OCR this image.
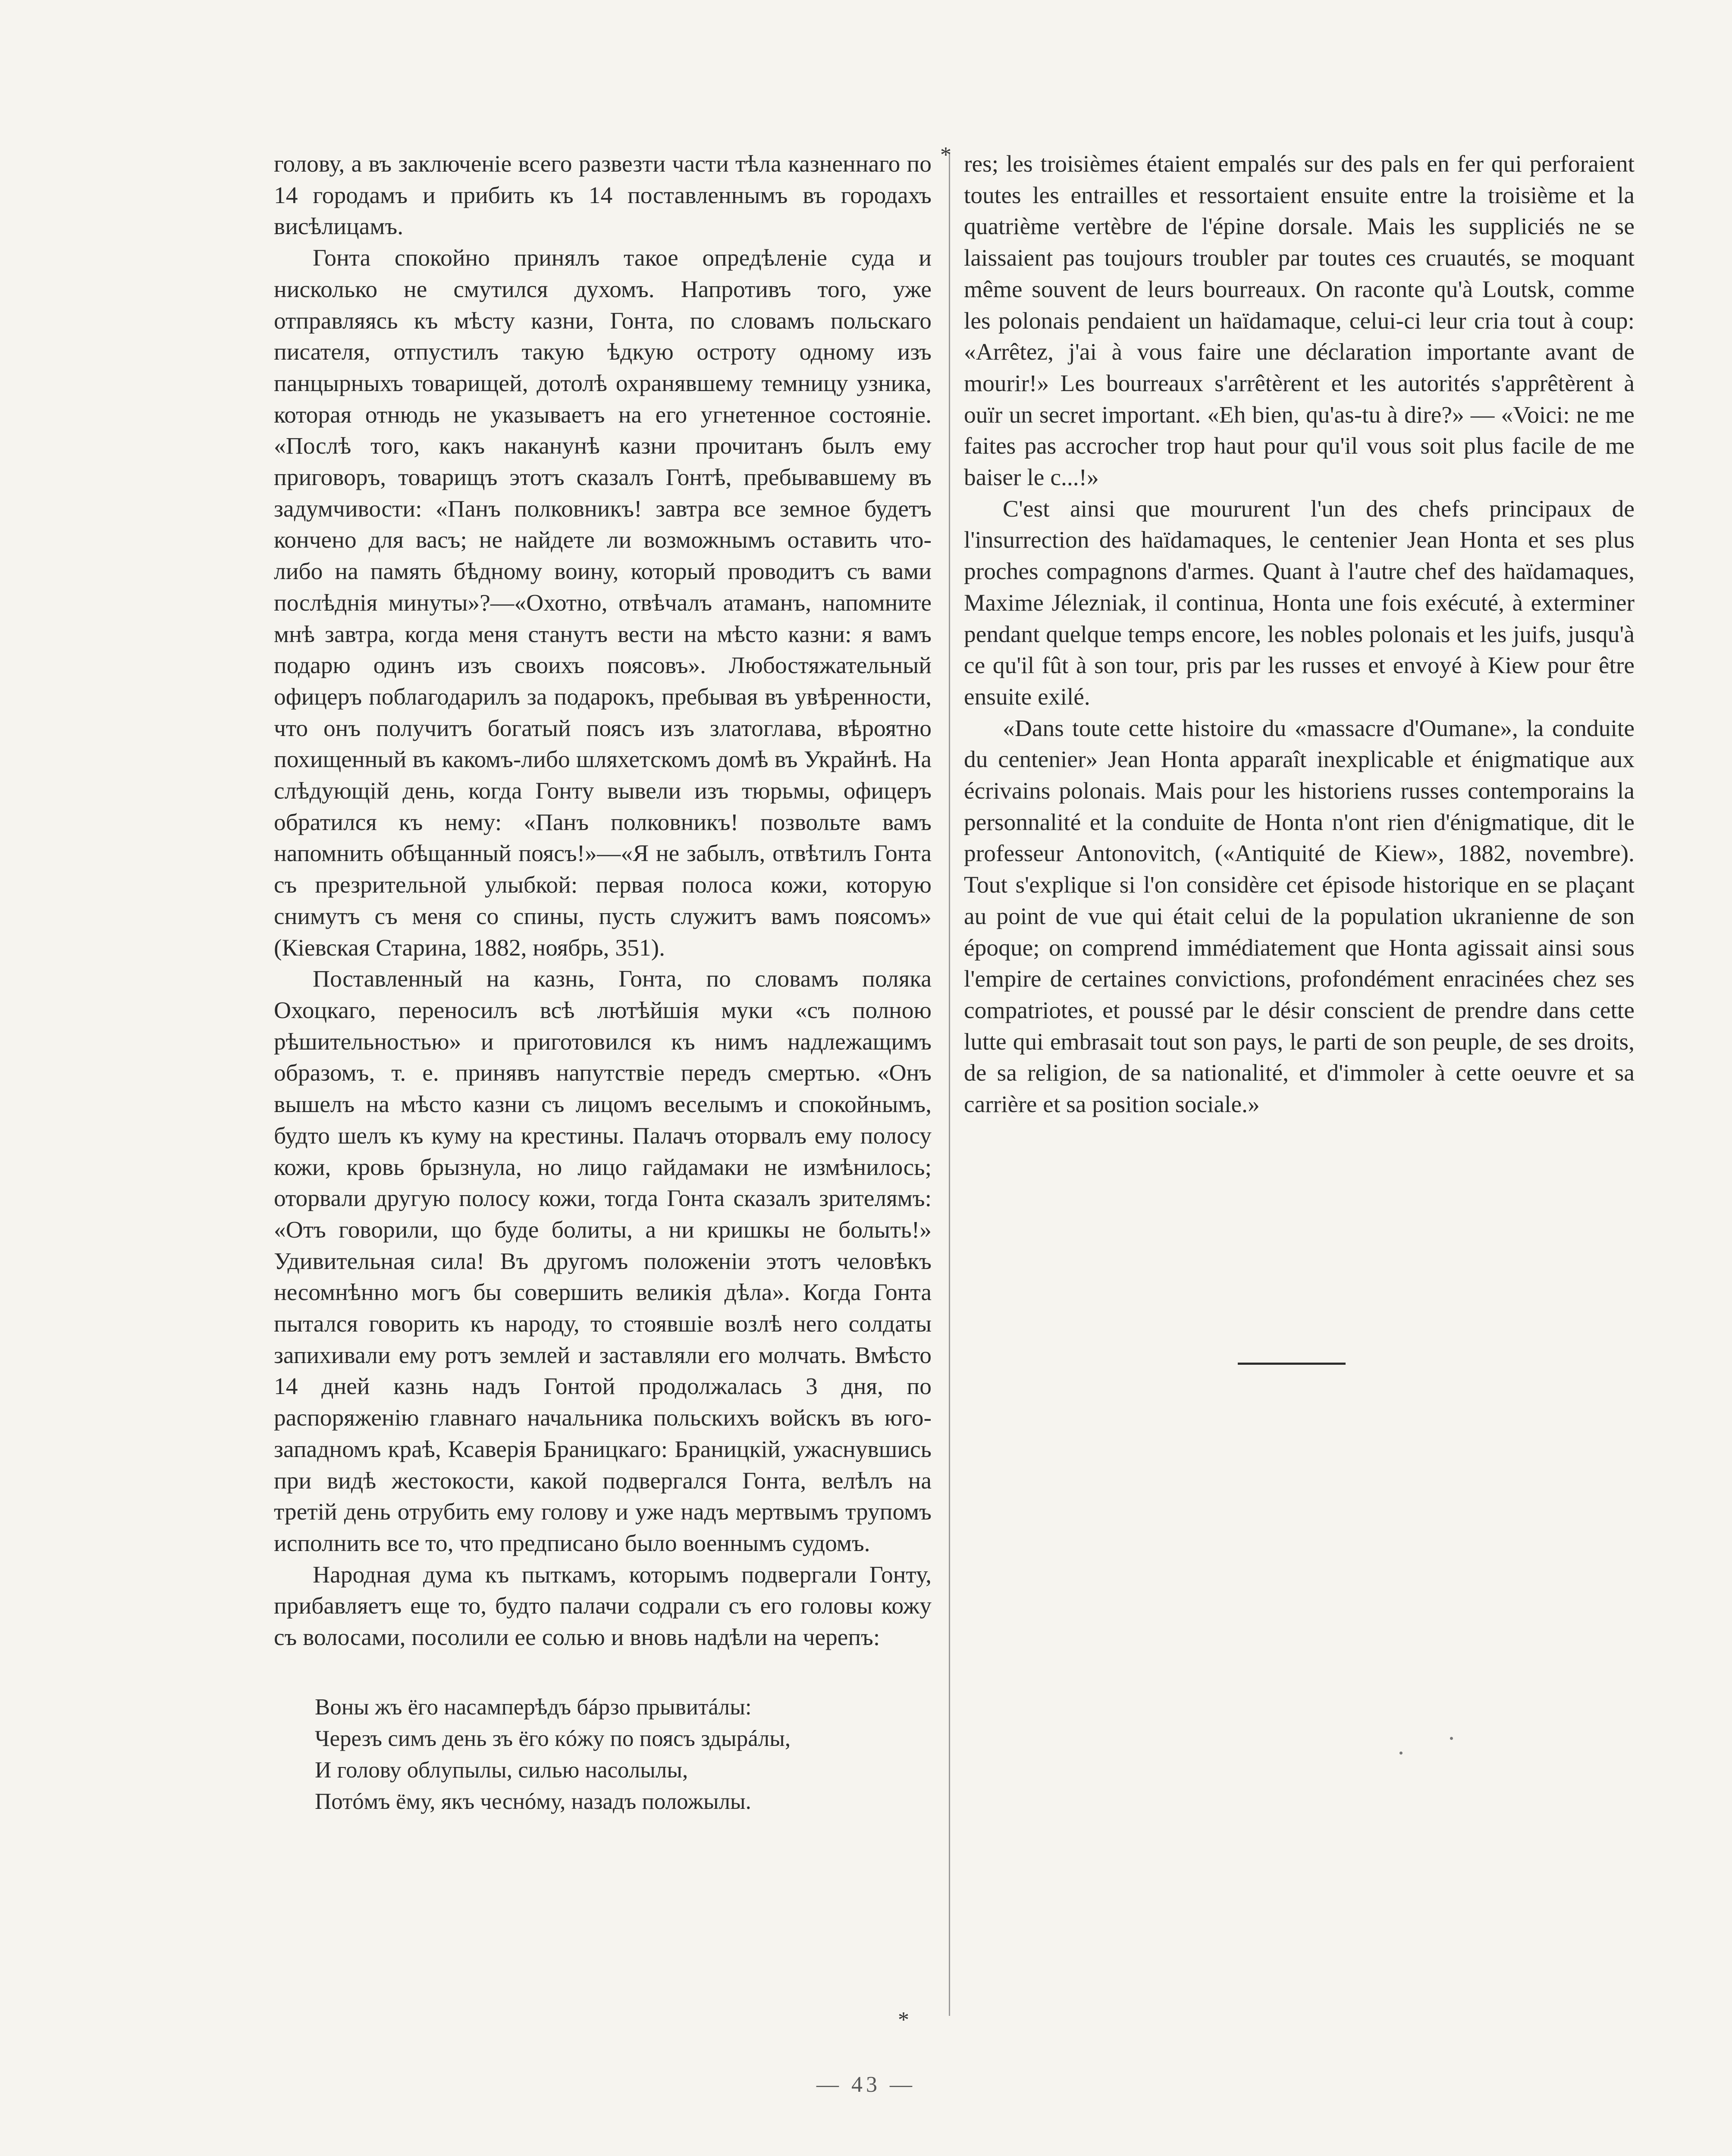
*
*

голову, а въ заключеніе всего развезти части тѣла казненнаго по 14 городамъ и прибить къ 14 поставленнымъ въ городахъ висѣлицамъ.

Гонта спокойно принялъ такое опредѣленіе суда и нисколько не смутился духомъ. Напротивъ того, уже отправляясь къ мѣсту казни, Гонта, по словамъ польскаго писателя, отпустилъ такую ѣдкую остроту одному изъ панцырныхъ товарищей, дотолѣ охранявшему темницу узника, которая отнюдь не указываетъ на его угнетенное состояніе. «Послѣ того, какъ наканунѣ казни прочитанъ былъ ему приговоръ, товарищъ этотъ сказалъ Гонтѣ, пребывавшему въ задумчивости: «Панъ полковникъ! завтра все земное будетъ кончено для васъ; не найдете ли возможнымъ оставить что-либо на память бѣдному воину, который проводитъ съ вами послѣднія минуты»?—«Охотно, отвѣчалъ атаманъ, напомните мнѣ завтра, когда меня станутъ вести на мѣсто казни: я вамъ подарю одинъ изъ своихъ поясовъ». Любостяжательный офицеръ поблагодарилъ за подарокъ, пребывая въ увѣренности, что онъ получитъ богатый поясъ изъ златоглава, вѣроятно похищенный въ какомъ-либо шляхетскомъ домѣ въ Украйнѣ. На слѣдующій день, когда Гонту вывели изъ тюрьмы, офицеръ обратился къ нему: «Панъ полковникъ! позвольте вамъ напомнить обѣщанный поясъ!»—«Я не забылъ, отвѣтилъ Гонта съ презрительной улыбкой: первая полоса кожи, которую снимутъ съ меня со спины, пусть служитъ вамъ поясомъ» (Кіевская Старина, 1882, ноябрь, 351).

Поставленный на казнь, Гонта, по словамъ поляка Охоцкаго, переносилъ всѣ лютѣйшія муки «съ полною рѣшительностью» и приготовился къ нимъ надлежащимъ образомъ, т. е. принявъ напутствіе передъ смертью. «Онъ вышелъ на мѣсто казни съ лицомъ веселымъ и спокойнымъ, будто шелъ къ куму на крестины. Палачъ оторвалъ ему полосу кожи, кровь брызнула, но лицо гайдамаки не измѣнилось; оторвали другую полосу кожи, тогда Гонта сказалъ зрителямъ: «Отъ говорили, що буде болиты, а ни кришкы не болыть!» Удивительная сила! Въ другомъ положеніи этотъ человѣкъ несомнѣнно могъ бы совершить великія дѣла». Когда Гонта пытался говорить къ народу, то стоявшіе возлѣ него солдаты запихивали ему ротъ землей и заставляли его молчать. Вмѣсто 14 дней казнь надъ Гонтой продолжалась 3 дня, по распоряженію главнаго начальника польскихъ войскъ въ юго-западномъ краѣ, Ксаверія Браницкаго: Браницкій, ужаснувшись при видѣ жестокости, какой подвергался Гонта, велѣлъ на третій день отрубить ему голову и уже надъ мертвымъ трупомъ исполнить все то, что предписано было военнымъ судомъ.

Народная дума къ пыткамъ, которымъ подвергали Гонту, прибавляетъ еще то, будто палачи содрали съ его головы кожу съ волосами, посолили ее солью и вновь надѣли на черепъ:

Воны жъ ёго насамперѣдъ бáрзо прывитáлы:
Черезъ симъ день зъ ёго кóжу по поясъ здырáлы,
И голову облупылы, силью насолылы,
Потóмъ ёму, якъ чеснóму, назадъ положылы.

res; les troisièmes étaient empalés sur des pals en fer qui perforaient toutes les entrailles et ressortaient ensuite entre la troisième et la quatrième vertèbre de l'épine dorsale. Mais les suppliciés ne se laissaient pas toujours troubler par toutes ces cruautés, se moquant même souvent de leurs bourreaux. On raconte qu'à Loutsk, comme les polonais pendaient un haïdamaque, celui-ci leur cria tout à coup: «Arrêtez, j'ai à vous faire une déclaration importante avant de mourir!» Les bourreaux s'arrêtèrent et les autorités s'apprêtèrent à ouïr un secret important. «Eh bien, qu'as-tu à dire?» — «Voici: ne me faites pas accrocher trop haut pour qu'il vous soit plus facile de me baiser le c...!»

C'est ainsi que moururent l'un des chefs principaux de l'insurrection des haïdamaques, le centenier Jean Honta et ses plus proches compagnons d'armes. Quant à l'autre chef des haïdamaques, Maxime Jélezniak, il continua, Honta une fois exécuté, à exterminer pendant quelque temps encore, les nobles polonais et les juifs, jusqu'à ce qu'il fût à son tour, pris par les russes et envoyé à Kiew pour être ensuite exilé.

«Dans toute cette histoire du «massacre d'Oumane», la conduite du centenier» Jean Honta apparaît inexplicable et énigmatique aux écrivains polonais. Mais pour les historiens russes contemporains la personnalité et la conduite de Honta n'ont rien d'énigmatique, dit le professeur Antonovitch, («Antiquité de Kiew», 1882, novembre). Tout s'explique si l'on considère cet épisode historique en se plaçant au point de vue qui était celui de la population ukranienne de son époque; on comprend immédiatement que Honta agissait ainsi sous l'empire de certaines convictions, profondément enracinées chez ses compatriotes, et poussé par le désir conscient de prendre dans cette lutte qui embrasait tout son pays, le parti de son peuple, de ses droits, de sa religion, de sa nationalité, et d'immoler à cette oeuvre et sa carrière et sa position sociale.»

— 43 —
